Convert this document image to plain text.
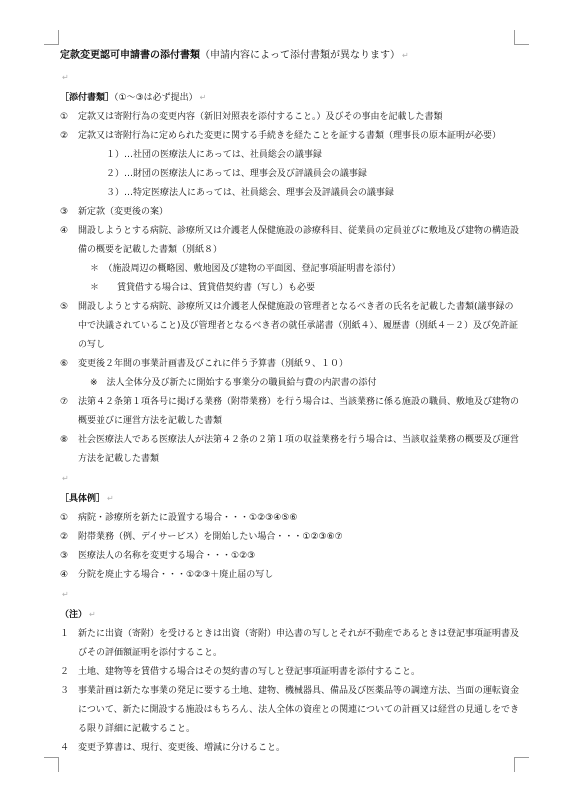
定款変更認可申請書の添付書類（申請内容によって添付書類が異なります） ↵
↵
［添付書類］（①～③は必ず提出） ↵
①	定款又は寄附行為の変更内容（新旧対照表を添付すること。）及びその事由を記載した書類
②	定款又は寄附行為に定められた変更に関する手続きを経たことを証する書類（理事長の原本証明が必要）
１）…社団の医療法人にあっては、社員総会の議事録
２）…財団の医療法人にあっては、理事会及び評議員会の議事録
３）…特定医療法人にあっては、社員総会、理事会及評議員会の議事録
③	新定款（変更後の案）
④	開設しようとする病院、診療所又は介護老人保健施設の診療科目、従業員の定員並びに敷地及び建物の構造設備の概要を記載した書類（別紙８）
＊　（施設周辺の概略図、敷地図及び建物の平面図、登記事項証明書を添付）
＊　　賃貸借する場合は、賃貸借契約書（写し）も必要
⑤	開設しようとする病院、診療所又は介護老人保健施設の管理者となるべき者の氏名を記載した書類(議事録の中で決議されていること)及び管理者となるべき者の就任承諾書（別紙４）、履歴書（別紙４－２）及び免許証の写し
⑥	変更後２年間の事業計画書及びこれに伴う予算書（別紙９、１０）
※　法人全体分及び新たに開始する事業分の職員給与費の内訳書の添付
⑦	法第４２条第１項各号に掲げる業務（附帯業務）を行う場合は、当該業務に係る施設の職員、敷地及び建物の概要並びに運営方法を記載した書類
⑧	社会医療法人である医療法人が法第４２条の２第１項の収益業務を行う場合は、当該収益業務の概要及び運営方法を記載した書類
↵
［具体例］ ↵
①	病院・診療所を新たに設置する場合・・・①②③④⑤⑥
②	附帯業務（例、デイサービス）を開始したい場合・・・①②③⑥⑦
③	医療法人の名称を変更する場合・・・①②③
④	分院を廃止する場合・・・①②③＋廃止届の写し
↵
（注） ↵
１ 新たに出資（寄附）を受けるときは出資（寄附）申込書の写しとそれが不動産であるときは登記事項証明書及びその評価額証明を添付すること。
２ 土地、建物等を賃借する場合はその契約書の写しと登記事項証明書を添付すること。
３ 事業計画は新たな事業の発足に要する土地、建物、機械器具、備品及び医薬品等の調達方法、当面の運転資金について、新たに開設する施設はもちろん、法人全体の資産との関連についての計画又は経営の見通しをできる限り詳細に記載すること。
４ 変更予算書は、現行、変更後、増減に分けること。
